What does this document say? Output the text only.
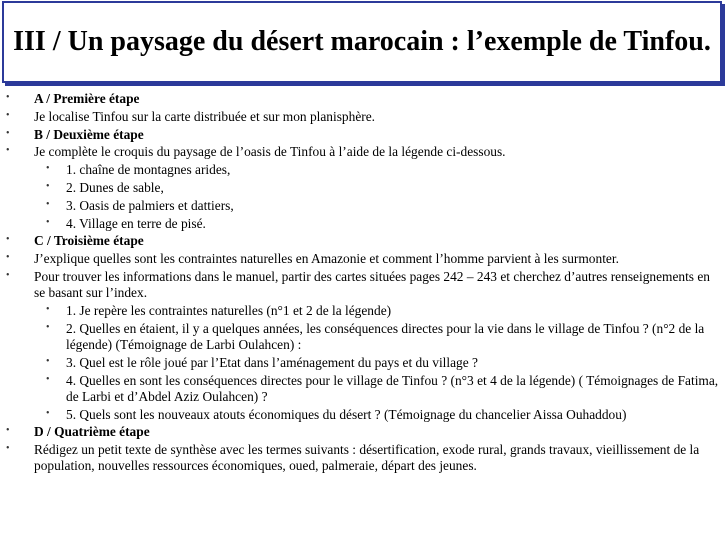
III / Un paysage du désert marocain : l’exemple de Tinfou.
• A / Première étape
• Je localise Tinfou sur la carte distribuée et sur mon planisphère.
• B / Deuxième étape
• Je complète le croquis du paysage de l’oasis de Tinfou à l’aide de la légende ci-dessous.
• 1. chaîne de montagnes arides,
• 2. Dunes de sable,
• 3. Oasis de palmiers et dattiers,
• 4. Village en terre de pisé.
• C / Troisième étape
• J’explique quelles sont les contraintes naturelles en Amazonie et comment l’homme parvient à les surmonter.
• Pour trouver les informations dans le manuel, partir des cartes situées pages 242 – 243 et cherchez d’autres renseignements en se basant sur l’index.
• 1. Je repère les contraintes naturelles (n°1 et 2 de la légende)
• 2. Quelles en étaient, il y a quelques années, les conséquences directes pour la vie dans le village de Tinfou ? (n°2 de la légende) (Témoignage de Larbi Oulahcen) :
• 3. Quel est le rôle joué par l’Etat dans l’aménagement du pays et du village ?
• 4. Quelles en sont les conséquences directes pour le village de Tinfou ? (n°3 et 4 de la légende) ( Témoignages de Fatima, de Larbi et d’Abdel Aziz Oulahcen) ?
• 5. Quels sont les nouveaux atouts économiques du désert ? (Témoignage du chancelier Aissa Ouhaddou)
• D / Quatrième étape
• Rédigez un petit texte de synthèse avec les termes suivants : désertification, exode rural, grands travaux, vieillissement de la population, nouvelles ressources économiques, oued, palmeraie, départ des jeunes.
